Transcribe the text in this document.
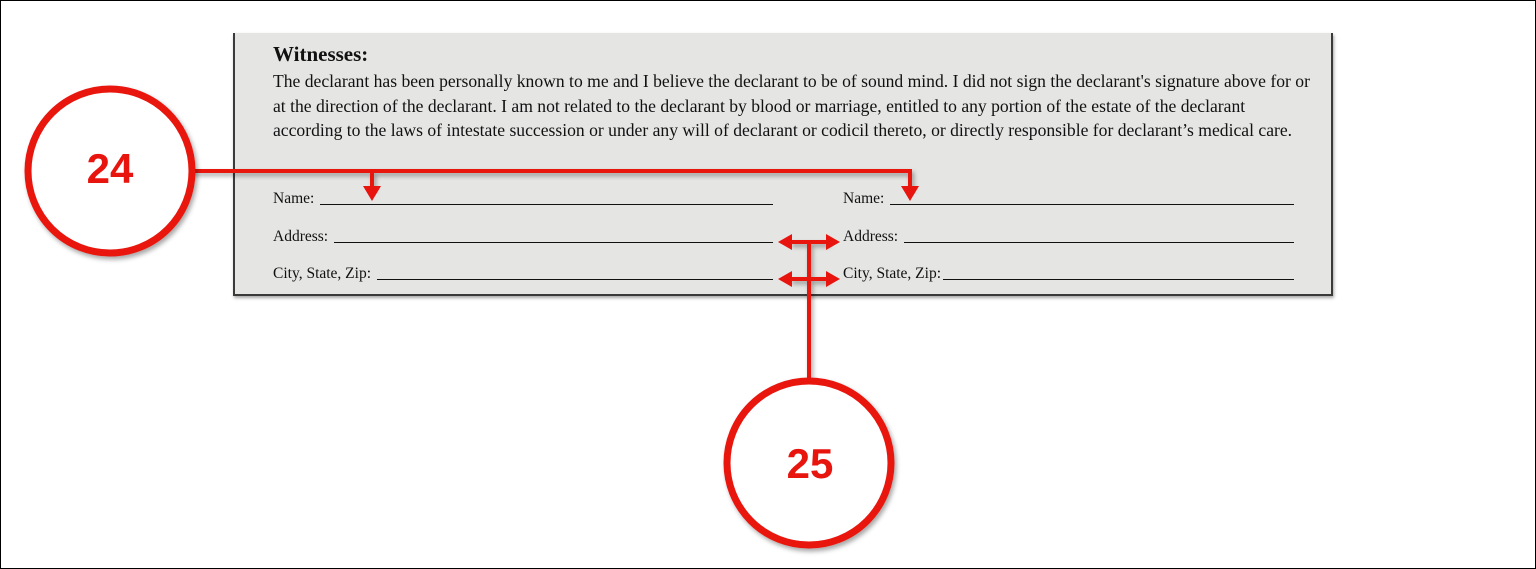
Witnesses:

The declarant has been personally known to me and I believe the declarant to be of sound mind. I did not sign the declarant's signature above for or at the direction of the declarant. I am not related to the declarant by blood or marriage, entitled to any portion of the estate of the declarant according to the laws of intestate succession or under any will of declarant or codicil thereto, or directly responsible for declarant’s medical care.

Name:
Address:
City, State, Zip:
Name:
Address:
City, State, Zip:
24
25
